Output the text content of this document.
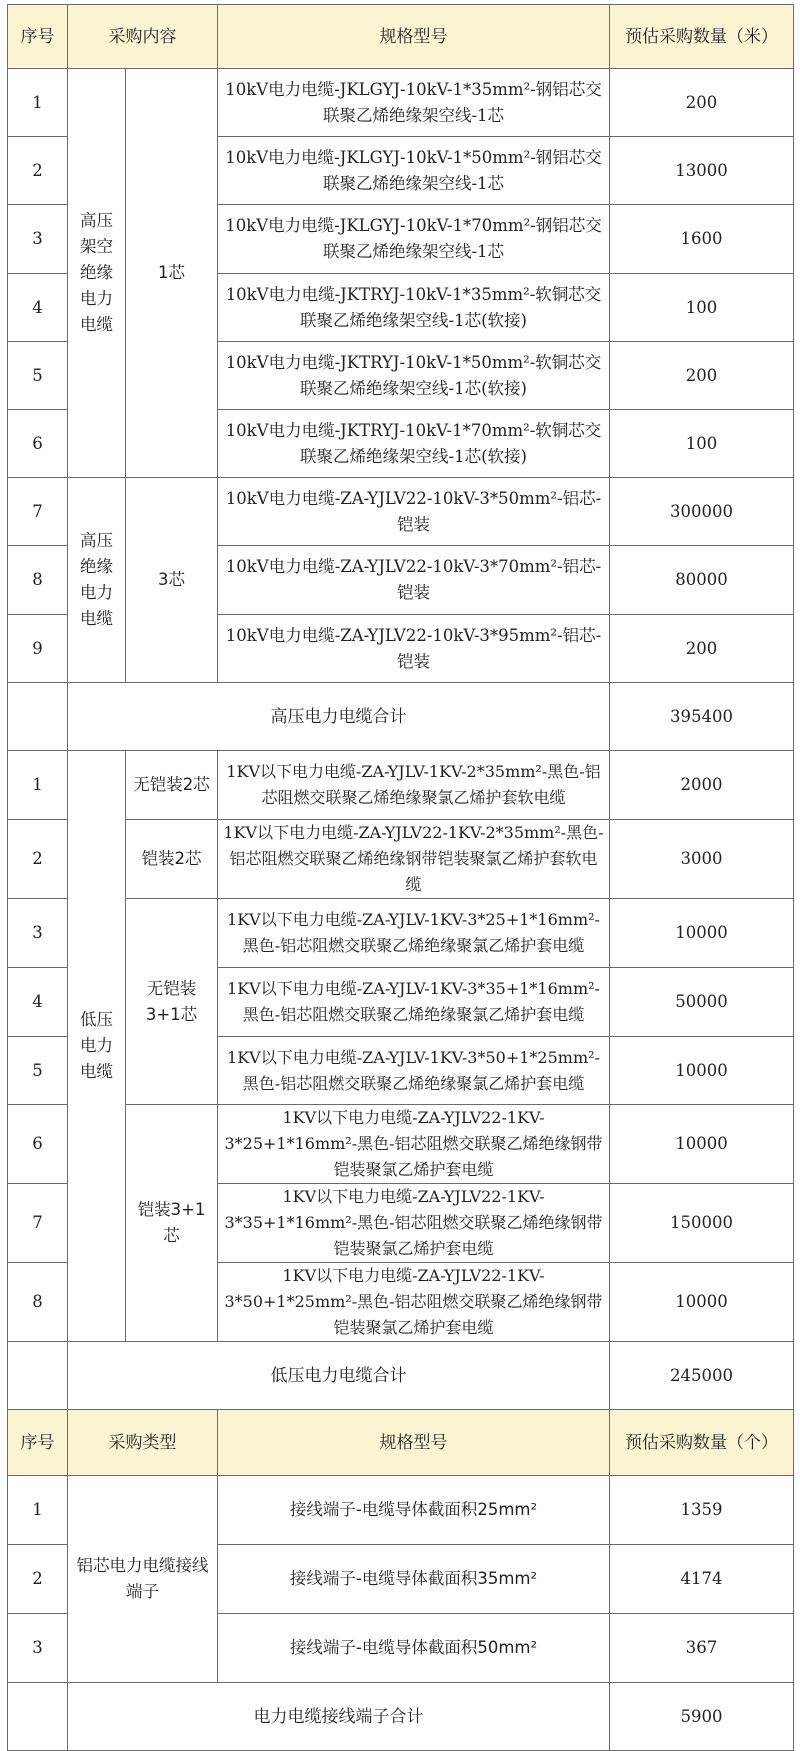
序号	采购内容		规格型号	预估采购数量（米）
1	高压架空绝缘电力电缆	1芯	10kV电力电缆-JKLGYJ-10kV-1*35mm²-钢铝芯交联聚乙烯绝缘架空线-1芯	200
2			10kV电力电缆-JKLGYJ-10kV-1*50mm²-钢铝芯交联聚乙烯绝缘架空线-1芯	13000
3			10kV电力电缆-JKLGYJ-10kV-1*70mm²-钢铝芯交联聚乙烯绝缘架空线-1芯	1600
4			10kV电力电缆-JKTRYJ-10kV-1*35mm²-软铜芯交联聚乙烯绝缘架空线-1芯(软接)	100
5			10kV电力电缆-JKTRYJ-10kV-1*50mm²-软铜芯交联聚乙烯绝缘架空线-1芯(软接)	200
6			10kV电力电缆-JKTRYJ-10kV-1*70mm²-软铜芯交联聚乙烯绝缘架空线-1芯(软接)	100
7	高压绝缘电力电缆	3芯	10kV电力电缆-ZA-YJLV22-10kV-3*50mm²-铝芯-铠装	300000
8			10kV电力电缆-ZA-YJLV22-10kV-3*70mm²-铝芯-铠装	80000
9			10kV电力电缆-ZA-YJLV22-10kV-3*95mm²-铝芯-铠装	200
	高压电力电缆合计			395400
1	低压电力电缆	无铠装2芯	1KV以下电力电缆-ZA-YJLV-1KV-2*35mm²-黑色-铝芯阻燃交联聚乙烯绝缘聚氯乙烯护套软电缆	2000
2		铠装2芯	1KV以下电力电缆-ZA-YJLV22-1KV-2*35mm²-黑色-铝芯阻燃交联聚乙烯绝缘钢带铠装聚氯乙烯护套软电缆	3000
3		无铠装3+1芯	1KV以下电力电缆-ZA-YJLV-1KV-3*25+1*16mm²-黑色-铝芯阻燃交联聚乙烯绝缘聚氯乙烯护套电缆	10000
4			1KV以下电力电缆-ZA-YJLV-1KV-3*35+1*16mm²-黑色-铝芯阻燃交联聚乙烯绝缘聚氯乙烯护套电缆	50000
5			1KV以下电力电缆-ZA-YJLV-1KV-3*50+1*25mm²-黑色-铝芯阻燃交联聚乙烯绝缘聚氯乙烯护套电缆	10000
6		铠装3+1芯	1KV以下电力电缆-ZA-YJLV22-1KV-3*25+1*16mm²-黑色-铝芯阻燃交联聚乙烯绝缘钢带铠装聚氯乙烯护套电缆	10000
7			1KV以下电力电缆-ZA-YJLV22-1KV-3*35+1*16mm²-黑色-铝芯阻燃交联聚乙烯绝缘钢带铠装聚氯乙烯护套电缆	150000
8			1KV以下电力电缆-ZA-YJLV22-1KV-3*50+1*25mm²-黑色-铝芯阻燃交联聚乙烯绝缘钢带铠装聚氯乙烯护套电缆	10000
	低压电力电缆合计			245000
序号	采购类型		规格型号	预估采购数量（个）
1	铝芯电力电缆接线端子		接线端子-电缆导体截面积25mm²	1359
2			接线端子-电缆导体截面积35mm²	4174
3			接线端子-电缆导体截面积50mm²	367
	电力电缆接线端子合计			5900
